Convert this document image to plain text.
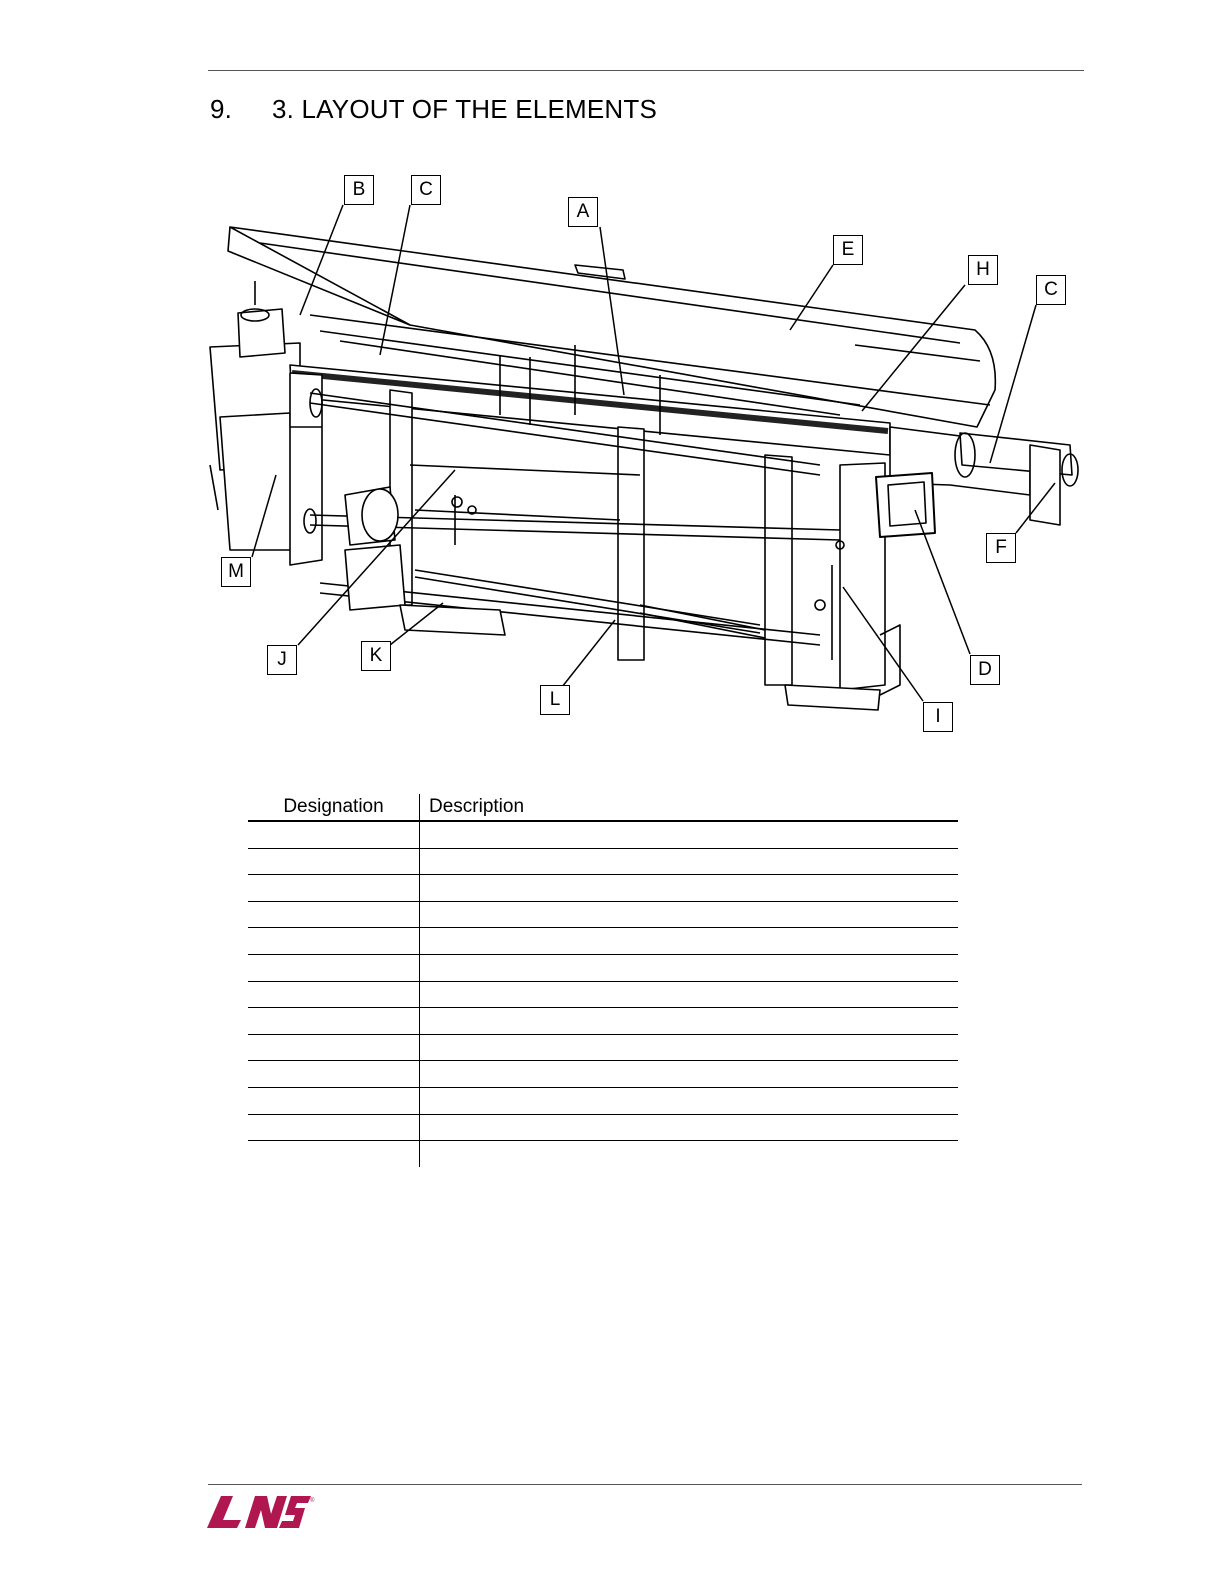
9. 3. LAYOUT OF THE ELEMENTS
B	C
A
E
H
C
F
D
I
L
K
J
M
Designation	Description

®
